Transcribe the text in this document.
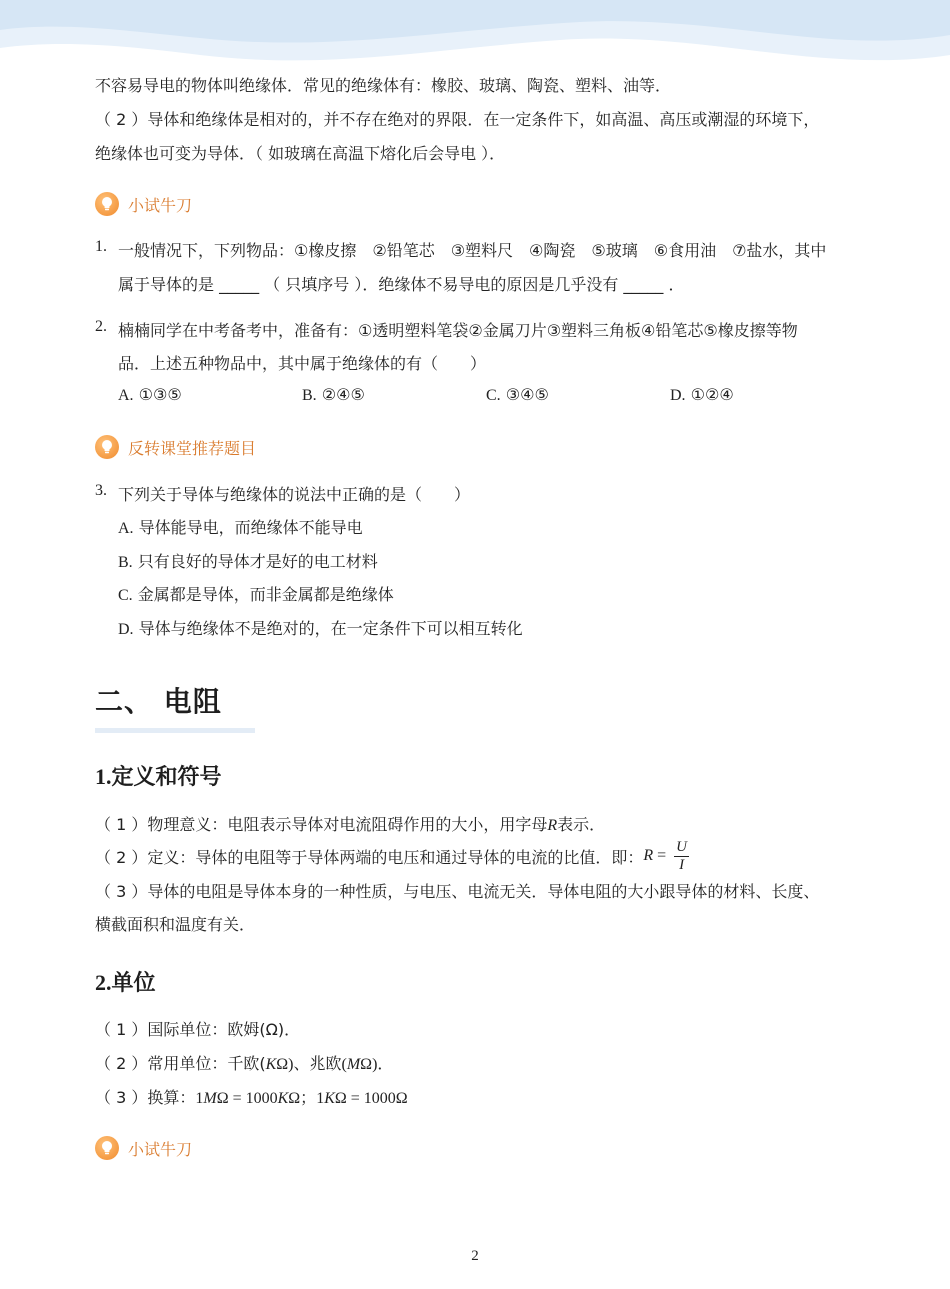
不容易导电的物体叫绝缘体．常见的绝缘体有：橡胶、玻璃、陶瓷、塑料、油等．
（ 2 ）导体和绝缘体是相对的，并不存在绝对的界限．在一定条件下，如高温、高压或潮湿的环境下，
绝缘体也可变为导体．（ 如玻璃在高温下熔化后会导电 ）．
小试牛刀
1. 一般情况下，下列物品：①橡皮擦　②铅笔芯　③塑料尺　④陶瓷　⑤玻璃　⑥食用油　⑦盐水，其中
属于导体的是 _____ （ 只填序号 ）．绝缘体不易导电的原因是几乎没有 _____ ．
2. 楠楠同学在中考备考中，准备有：①透明塑料笔袋②金属刀片③塑料三角板④铅笔芯⑤橡皮擦等物
品．上述五种物品中，其中属于绝缘体的有（　　）
A. ①③⑤	B. ②④⑤	C. ③④⑤	D. ①②④
反转课堂推荐题目
3. 下列关于导体与绝缘体的说法中正确的是（　　）
A. 导体能导电，而绝缘体不能导电
B. 只有良好的导体才是好的电工材料
C. 金属都是导体，而非金属都是绝缘体
D. 导体与绝缘体不是绝对的，在一定条件下可以相互转化
二、 电阻
1.定义和符号
（ 1 ）物理意义：电阻表示导体对电流阻碍作用的大小，用字母R表示．
（ 2 ）定义：导体的电阻等于导体两端的电压和通过导体的电流的比值．即： $R = \frac{U}{I}$
（ 3 ）导体的电阻是导体本身的一种性质，与电压、电流无关．导体电阻的大小跟导体的材料、长度、
横截面积和温度有关．
2.单位
（ 1 ）国际单位：欧姆(Ω)．
（ 2 ）常用单位：千欧(KΩ)、兆欧(MΩ)．
（ 3 ）换算：1MΩ = 1000KΩ；1KΩ = 1000Ω
小试牛刀
2
